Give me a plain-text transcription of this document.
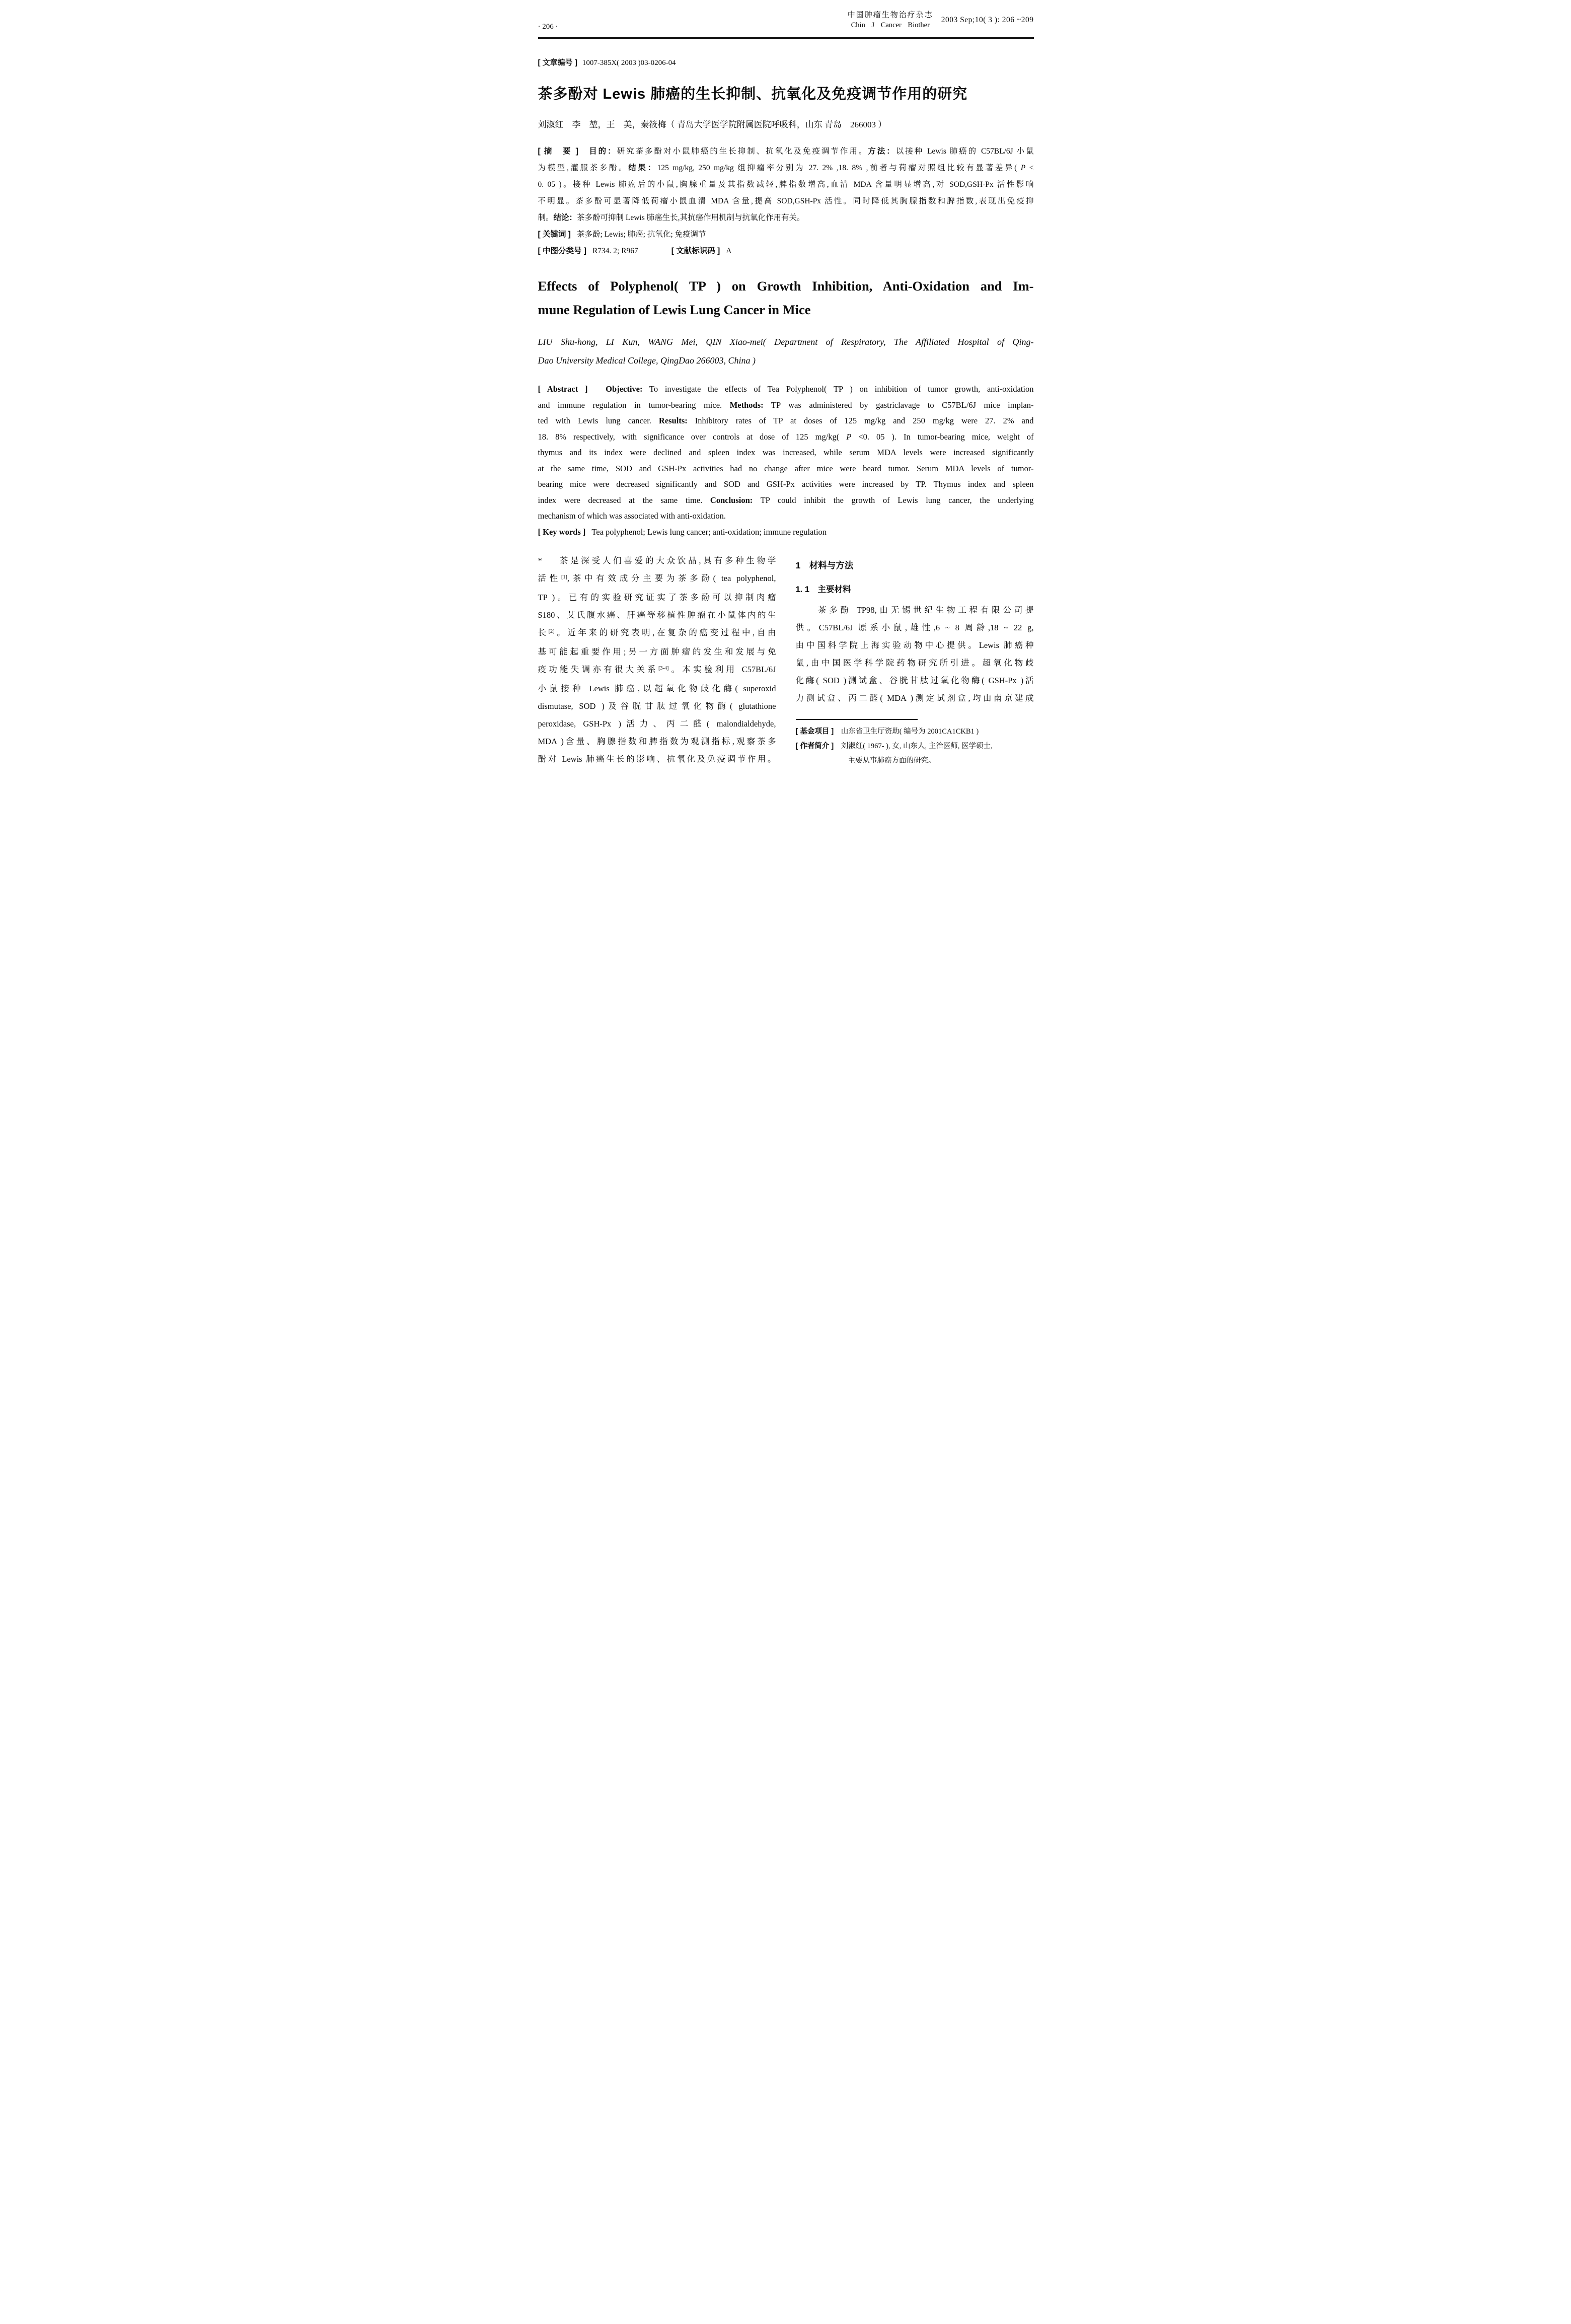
· 206 ·
中国肿瘤生物治疗杂志
Chin J Cancer Biother
2003 Sep;10( 3 ): 206 ~209
[ 文章编号 ] 1007-385X( 2003 )03-0206-04
茶多酚对 Lewis 肺癌的生长抑制、抗氧化及免疫调节作用的研究
刘淑红　李　堃，王　美，秦筱梅（ 青岛大学医学院附属医院呼吸科，山东 青岛　266003 ）
[ 摘　要 ]　目的：研究茶多酚对小鼠肺癌的生长抑制、抗氧化及免疫调节作用。方法：以接种 Lewis 肺癌的 C57BL/6J 小鼠
为模型,灌服茶多酚。结果：125 mg/kg, 250 mg/kg 组抑瘤率分别为 27. 2% ,18. 8% ,前者与荷瘤对照组比较有显著差异( P <
0. 05 )。接种 Lewis 肺癌后的小鼠,胸腺重量及其指数减轻,脾指数增高,血清 MDA 含量明显增高,对 SOD,GSH-Px 活性影响
不明显。茶多酚可显著降低荷瘤小鼠血清 MDA 含量,提高 SOD,GSH-Px 活性。同时降低其胸腺指数和脾指数,表现出免疫抑
制。结论：茶多酚可抑制 Lewis 肺癌生长,其抗癌作用机制与抗氧化作用有关。
[ 关键词 ] 茶多酚; Lewis; 肺癌; 抗氧化; 免疫调节
[ 中图分类号 ] R734. 2; R967	[ 文献标识码 ] A
Effects of Polyphenol( TP ) on Growth Inhibition, Anti-Oxidation and Im-
mune Regulation of Lewis Lung Cancer in Mice
LIU Shu-hong, LI Kun, WANG Mei, QIN Xiao-mei( Department of Respiratory, The Affiliated Hospital of Qing-
Dao University Medical College, QingDao 266003, China )
[ Abstract ]　Objective: To investigate the effects of Tea Polyphenol( TP ) on inhibition of tumor growth, anti-oxidation
and immune regulation in tumor-bearing mice. Methods: TP was administered by gastriclavage to C57BL/6J mice implan-
ted with Lewis lung cancer. Results: Inhibitory rates of TP at doses of 125 mg/kg and 250 mg/kg were 27. 2% and
18. 8% respectively, with significance over controls at dose of 125 mg/kg( P <0. 05 ). In tumor-bearing mice, weight of
thymus and its index were declined and spleen index was increased, while serum MDA levels were increased significantly
at the same time, SOD and GSH-Px activities had no change after mice were beard tumor. Serum MDA levels of tumor-
bearing mice were decreased significantly and SOD and GSH-Px activities were increased by TP. Thymus index and spleen
index were decreased at the same time. Conclusion: TP could inhibit the growth of Lewis lung cancer, the underlying
mechanism of which was associated with anti-oxidation.
[ Key words ] Tea polyphenol; Lewis lung cancer; anti-oxidation; immune regulation
*　 茶是深受人们喜爱的大众饮品,具有多种生物学
活性[1],茶中有效成分主要为茶多酚( tea polyphenol,
TP )。已有的实验研究证实了茶多酚可以抑制肉瘤
S180、艾氏腹水癌、肝癌等移植性肿瘤在小鼠体内的生
长[2]。近年来的研究表明,在复杂的癌变过程中,自由
基可能起重要作用;另一方面肿瘤的发生和发展与免
疫功能失调亦有很大关系[3-4]。本实验利用 C57BL/6J
小鼠接种 Lewis 肺癌,以超氧化物歧化酶( superoxid
dismutase, SOD )及谷胱甘肽过氧化物酶( glutathione
peroxidase, GSH-Px )活力、丙二醛( malondialdehyde,
MDA )含量、胸腺指数和脾指数为观测指标,观察茶多
酚对 Lewis 肺癌生长的影响、抗氧化及免疫调节作用。
1　材料与方法
1. 1　主要材料
　　茶多酚 TP98,由无锡世纪生物工程有限公司提
供。C57BL/6J 原系小鼠,雄性,6 ~ 8 周龄,18 ~ 22 g,
由中国科学院上海实验动物中心提供。Lewis 肺癌种
鼠,由中国医学科学院药物研究所引进。超氧化物歧
化酶( SOD )测试盒、谷胱甘肽过氧化物酶( GSH-Px )活
力测试盒、丙二醛( MDA )测定试剂盒,均由南京建成
[ 基金项目 ]　山东省卫生厅资助( 编号为 2001CA1CKB1 )
[ 作者简介 ]　刘淑红( 1967- ), 女, 山东人, 主治医师, 医学硕士,
主要从事肺癌方面的研究。
